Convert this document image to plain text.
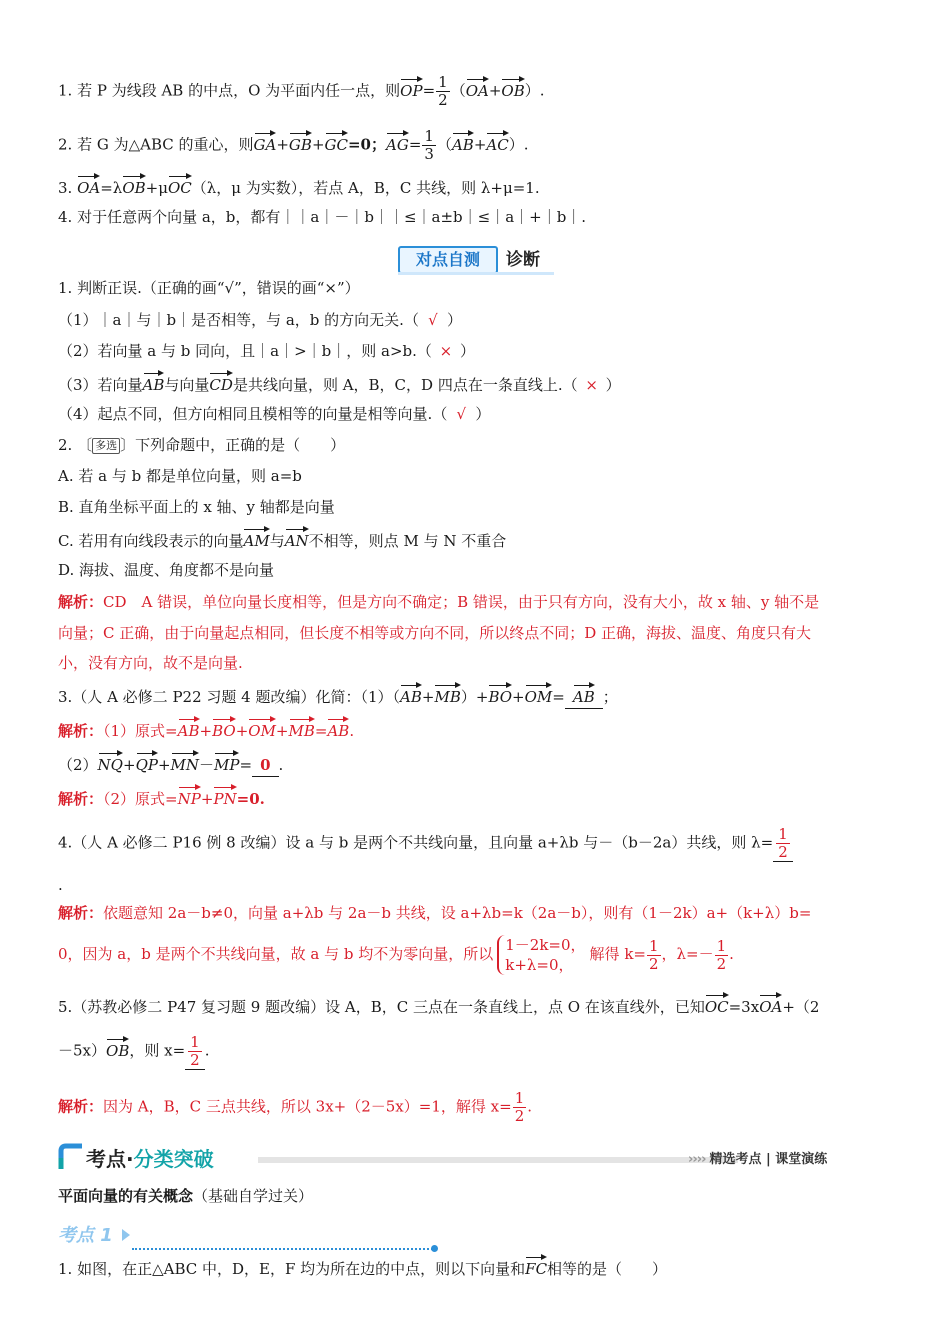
1. 若 P 为线段 AB 的中点，O 为平面内任一点，则$OP= \frac{1}{2} (OA+OB)$.
2. 若 G 为△ABC 的重心，则GA+GB+GC=0；$AG= \frac{1}{3} (AB+AC)$.
3. OA=λOB+μOC（λ，μ 为实数），若点 A，B，C 共线，则 λ+μ=1.
4. 对于任意两个向量 a，b，都有｜｜a｜－｜b｜｜≤｜a±b｜≤｜a｜+｜b｜.
对点自测	诊断
1. 判断正误.（正确的画“√”，错误的画“×”）
（1）｜a｜与｜b｜是否相等，与 a，b 的方向无关.（ √ ）
（2）若向量 a 与 b 同向，且｜a｜>｜b｜，则 a>b.（ × ）
（3）若向量AB与向量CD是共线向量，则 A，B，C，D 四点在一条直线上.（ × ）
（4）起点不同，但方向相同且模相等的向量是相等向量.（ √ ）
2. 〔 多选 〕下列命题中，正确的是（　　）
A. 若 a 与 b 都是单位向量，则 a=b
B. 直角坐标平面上的 x 轴、y 轴都是向量
C. 若用有向线段表示的向量AM与AN不相等，则点 M 与 N 不重合
D. 海拔、温度、角度都不是向量
解析：CD　A 错误，单位向量长度相等，但是方向不确定；B 错误，由于只有方向，没有大小，故 x 轴、y 轴不是
向量；C 正确，由于向量起点相同，但长度不相等或方向不同，所以终点不同；D 正确，海拔、温度、角度只有大
小，没有方向，故不是向量.
3.（人 A 必修二 P22 习题 4 题改编）化简：（1）（AB+MB）+BO+OM= AB ；
解析：（1）原式=AB+BO+OM+MB=AB.
（2）NQ+QP+MN－MP= 0 .
解析：（2）原式=NP+PN=0.
4.（人 A 必修二 P16 例 8 改编）设 a 与 b 是两个不共线向量，且向量 a+λb 与－（b－2a）共线，则 $\lambda= \frac{1}{2}$
.
解析：依题意知 2a－b≠0，向量 a+λb 与 2a－b 共线，设 a+λb=k（2a－b），则有（1－2k）a+（k+λ）b=
0，因为 a，b 是两个不共线向量，故 a 与 b 均不为零向量，所以 1－2k=0，
k+λ=0，
解得 $k= \frac{1}{2}$ ，$\lambda=- \frac{1}{2}$ .
5.（苏教必修二 P47 复习题 9 题改编）设 A，B，C 三点在一条直线上，点 O 在该直线外，已知OC=3xOA+（2
－5x）OB，则 $x= \frac{1}{2}$ .
解析：因为 A，B，C 三点共线，所以 3x+（2－5x）=1，解得 $x= \frac{1}{2}$ .
考点·分类突破	›››› 精选考点 | 课堂演练
平面向量的有关概念（基础自学过关）
考点 1
1. 如图，在正△ABC 中，D，E，F 均为所在边的中点，则以下向量和FC相等的是（　　）
